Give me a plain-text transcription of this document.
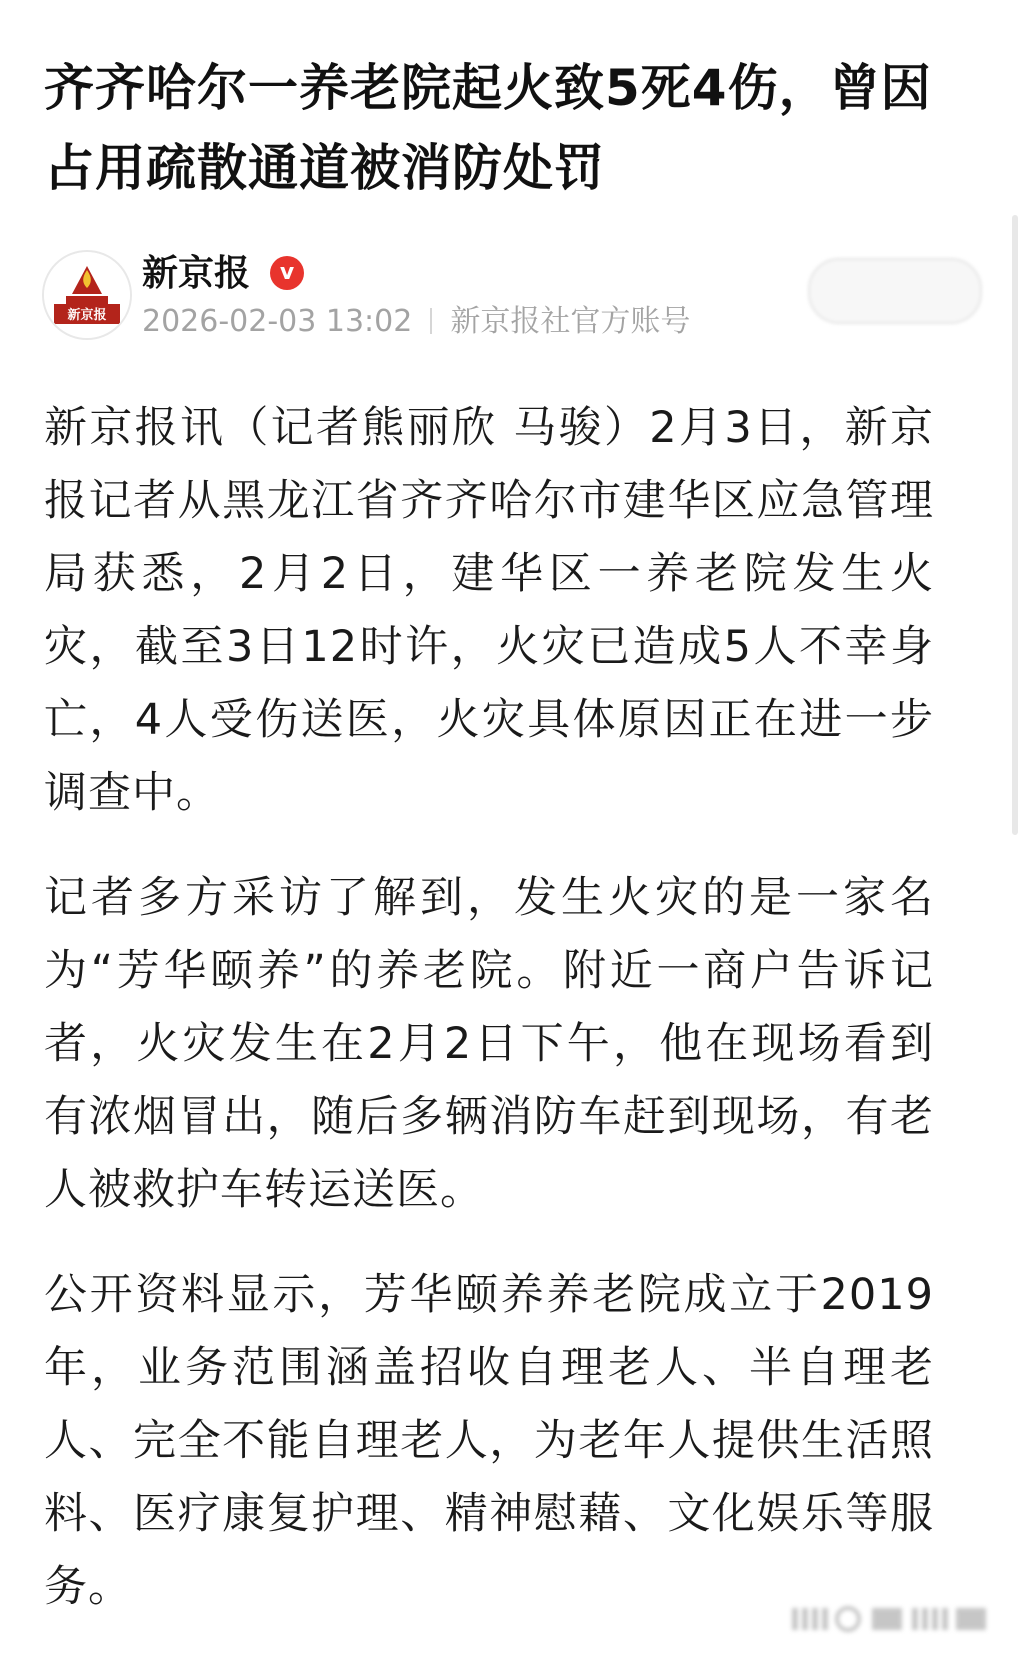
齐齐哈尔一养老院起火致5死4伤，曾因占用疏散通道被消防处罚
新京报
新京报	v
2026-02-03 13:02 新京报社官方账号

新京报讯（记者熊丽欣 马骏）2月3日，新京报记者从黑龙江省齐齐哈尔市建华区应急管理局获悉，2月2日，建华区一养老院发生火灾，截至3日12时许，火灾已造成5人不幸身亡，4人受伤送医，火灾具体原因正在进一步调查中。

记者多方采访了解到，发生火灾的是一家名为“芳华颐养”的养老院。附近一商户告诉记者，火灾发生在2月2日下午，他在现场看到有浓烟冒出，随后多辆消防车赶到现场，有老人被救护车转运送医。

公开资料显示，芳华颐养养老院成立于2019年，业务范围涵盖招收自理老人、半自理老人、完全不能自理老人，为老年人提供生活照料、医疗康复护理、精神慰藉、文化娱乐等服务。
